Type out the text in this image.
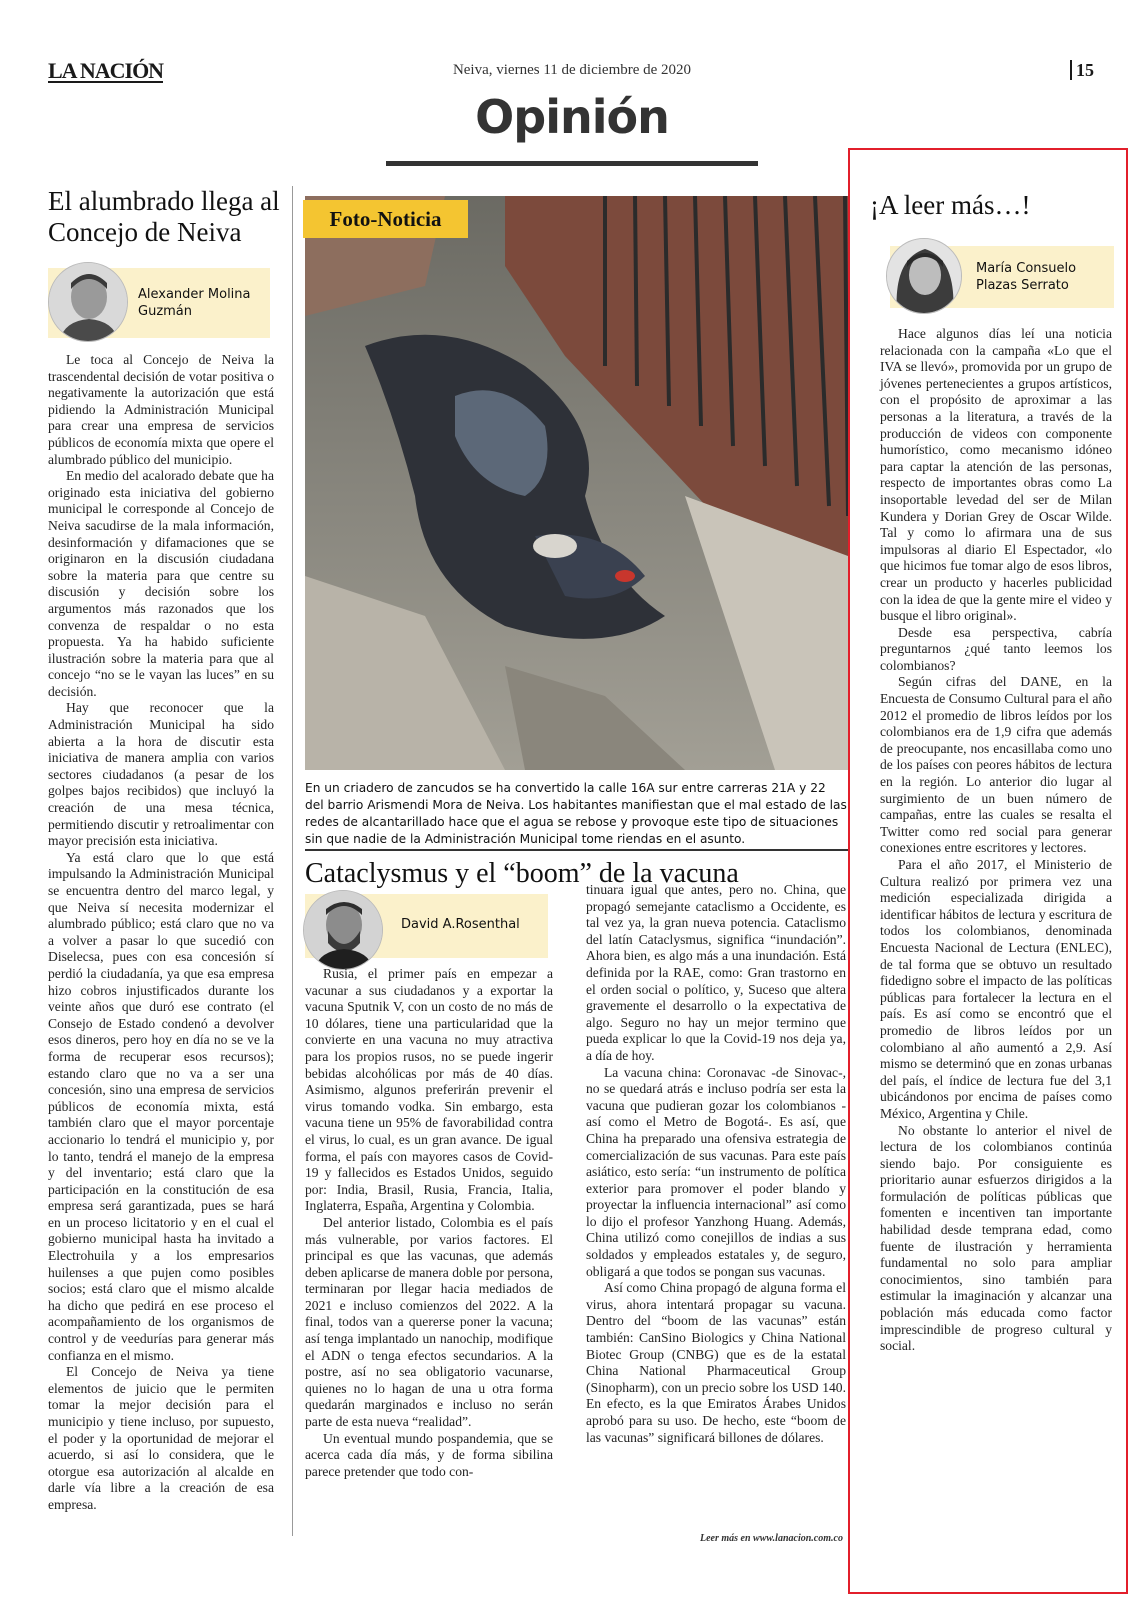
LA NACIÓN	Neiva, viernes 11 de diciembre de 2020	15
Opinión
El alumbrado llega al Concejo de Neiva
Alexander Molina Guzmán

Le toca al Concejo de Neiva la trascendental decisión de votar positiva o negativamente la autorización que está pidiendo la Administración Municipal para crear una empresa de servicios públicos de economía mixta que opere el alumbrado público del municipio.

En medio del acalorado debate que ha originado esta iniciativa del gobierno municipal le corresponde al Concejo de Neiva sacudirse de la mala información, desinformación y difamaciones que se originaron en la discusión ciudadana sobre la materia para que centre su discusión y decisión sobre los argumentos más razonados que los convenza de respaldar o no esta propuesta. Ya ha habido suficiente ilustración sobre la materia para que al concejo “no se le vayan las luces” en su decisión.

Hay que reconocer que la Administración Municipal ha sido abierta a la hora de discutir esta iniciativa de manera amplia con varios sectores ciudadanos (a pesar de los golpes bajos recibidos) que incluyó la creación de una mesa técnica, permitiendo discutir y retroalimentar con mayor precisión esta iniciativa.

Ya está claro que lo que está impulsando la Administración Municipal se encuentra dentro del marco legal, y que Neiva sí necesita modernizar el alumbrado público; está claro que no va a volver a pasar lo que sucedió con Diselecsa, pues con esa concesión sí perdió la ciudadanía, ya que esa empresa hizo cobros injustificados durante los veinte años que duró ese contrato (el Consejo de Estado condenó a devolver esos dineros, pero hoy en día no se ve la forma de recuperar esos recursos); estando claro que no va a ser una concesión, sino una empresa de servicios públicos de economía mixta, está también claro que el mayor porcentaje accionario lo tendrá el municipio y, por lo tanto, tendrá el manejo de la empresa y del inventario; está claro que la participación en la constitución de esa empresa será garantizada, pues se hará en un proceso licitatorio y en el cual el gobierno municipal hasta ha invitado a Electrohuila y a los empresarios huilenses a que pujen como posibles socios; está claro que el mismo alcalde ha dicho que pedirá en ese proceso el acompañamiento de los organismos de control y de veedurías para generar más confianza en el mismo.

El Concejo de Neiva ya tiene elementos de juicio que le permiten tomar la mejor decisión para el municipio y tiene incluso, por supuesto, el poder y la oportunidad de mejorar el acuerdo, si así lo considera, que le otorgue esa autorización al alcalde en darle vía libre a la creación de esa empresa.

Foto-Noticia
En un criadero de zancudos se ha convertido la calle 16A sur entre carreras 21A y 22 del barrio Arismendi Mora de Neiva. Los habitantes manifiestan que el mal estado de las redes de alcantarillado hace que el agua se rebose y provoque este tipo de situaciones sin que nadie de la Administración Municipal tome riendas en el asunto.
Cataclysmus y el “boom” de la vacuna
David A.Rosenthal

Rusia, el primer país en empezar a vacunar a sus ciudadanos y a exportar la vacuna Sputnik V, con un costo de no más de 10 dólares, tiene una particularidad que la convierte en una vacuna no muy atractiva para los propios rusos, no se puede ingerir bebidas alcohólicas por más de 40 días. Asimismo, algunos preferirán prevenir el virus tomando vodka. Sin embargo, esta vacuna tiene un 95% de favorabilidad contra el virus, lo cual, es un gran avance. De igual forma, el país con mayores casos de Covid-19 y fallecidos es Estados Unidos, seguido por: India, Brasil, Rusia, Francia, Italia, Inglaterra, España, Argentina y Colombia.

Del anterior listado, Colombia es el país más vulnerable, por varios factores. El principal es que las vacunas, que además deben aplicarse de manera doble por persona, terminaran por llegar hacia mediados de 2021 e incluso comienzos del 2022. A la final, todos van a quererse poner la vacuna; así tenga implantado un nanochip, modifique el ADN o tenga efectos secundarios. A la postre, así no sea obligatorio vacunarse, quienes no lo hagan de una u otra forma quedarán marginados e incluso no serán parte de esta nueva “realidad”.

Un eventual mundo pospandemia, que se acerca cada día más, y de forma sibilina parece pretender que todo con-

tinuara igual que antes, pero no. China, que propagó semejante cataclismo a Occidente, es tal vez ya, la gran nueva potencia. Cataclismo del latín Cataclysmus, significa “inundación”. Ahora bien, es algo más a una inundación. Está definida por la RAE, como: Gran trastorno en el orden social o político, y, Suceso que altera gravemente el desarrollo o la expectativa de algo. Seguro no hay un mejor termino que pueda explicar lo que la Covid-19 nos deja ya, a día de hoy.

La vacuna china: Coronavac -de Sinovac-, no se quedará atrás e incluso podría ser esta la vacuna que pudieran gozar los colombianos -así como el Metro de Bogotá-. Es así, que China ha preparado una ofensiva estrategia de comercialización de sus vacunas. Para este país asiático, esto sería: “un instrumento de política exterior para promover el poder blando y proyectar la influencia internacional” así como lo dijo el profesor Yanzhong Huang. Además, China utilizó como conejillos de indias a sus soldados y empleados estatales y, de seguro, obligará a que todos se pongan sus vacunas.

Así como China propagó de alguna forma el virus, ahora intentará propagar su vacuna. Dentro del “boom de las vacunas” están también: CanSino Biologics y China National Biotec Group (CNBG) que es de la estatal China National Pharmaceutical Group (Sinopharm), con un precio sobre los USD 140. En efecto, es la que Emiratos Árabes Unidos aprobó para su uso. De hecho, este “boom de las vacunas” significará billones de dólares.

Leer más en www.lanacion.com.co
¡A leer más…!
María Consuelo Plazas Serrato

Hace algunos días leí una noticia relacionada con la campaña «Lo que el IVA se llevó», promovida por un grupo de jóvenes pertenecientes a grupos artísticos, con el propósito de aproximar a las personas a la literatura, a través de la producción de videos con componente humorístico, como mecanismo idóneo para captar la atención de las personas, respecto de importantes obras como La insoportable levedad del ser de Milan Kundera y Dorian Grey de Oscar Wilde. Tal y como lo afirmara una de sus impulsoras al diario El Espectador, «lo que hicimos fue tomar algo de esos libros, crear un producto y hacerles publicidad con la idea de que la gente mire el video y busque el libro original».

Desde esa perspectiva, cabría preguntarnos ¿qué tanto leemos los colombianos?

Según cifras del DANE, en la Encuesta de Consumo Cultural para el año 2012 el promedio de libros leídos por los colombianos era de 1,9 cifra que además de preocupante, nos encasillaba como uno de los países con peores hábitos de lectura en la región. Lo anterior dio lugar al surgimiento de un buen número de campañas, entre las cuales se resalta el Twitter como red social para generar conexiones entre escritores y lectores.

Para el año 2017, el Ministerio de Cultura realizó por primera vez una medición especializada dirigida a identificar hábitos de lectura y escritura de todos los colombianos, denominada Encuesta Nacional de Lectura (ENLEC), de tal forma que se obtuvo un resultado fidedigno sobre el impacto de las políticas públicas para fortalecer la lectura en el país. Es así como se encontró que el promedio de libros leídos por un colombiano al año aumentó a 2,9. Así mismo se determinó que en zonas urbanas del país, el índice de lectura fue del 3,1 ubicándonos por encima de países como México, Argentina y Chile.

No obstante lo anterior el nivel de lectura de los colombianos continúa siendo bajo. Por consiguiente es prioritario aunar esfuerzos dirigidos a la formulación de políticas públicas que fomenten e incentiven tan importante habilidad desde temprana edad, como fuente de ilustración y herramienta fundamental no solo para ampliar conocimientos, sino también para estimular la imaginación y alcanzar una población más educada como factor imprescindible de progreso cultural y social.
